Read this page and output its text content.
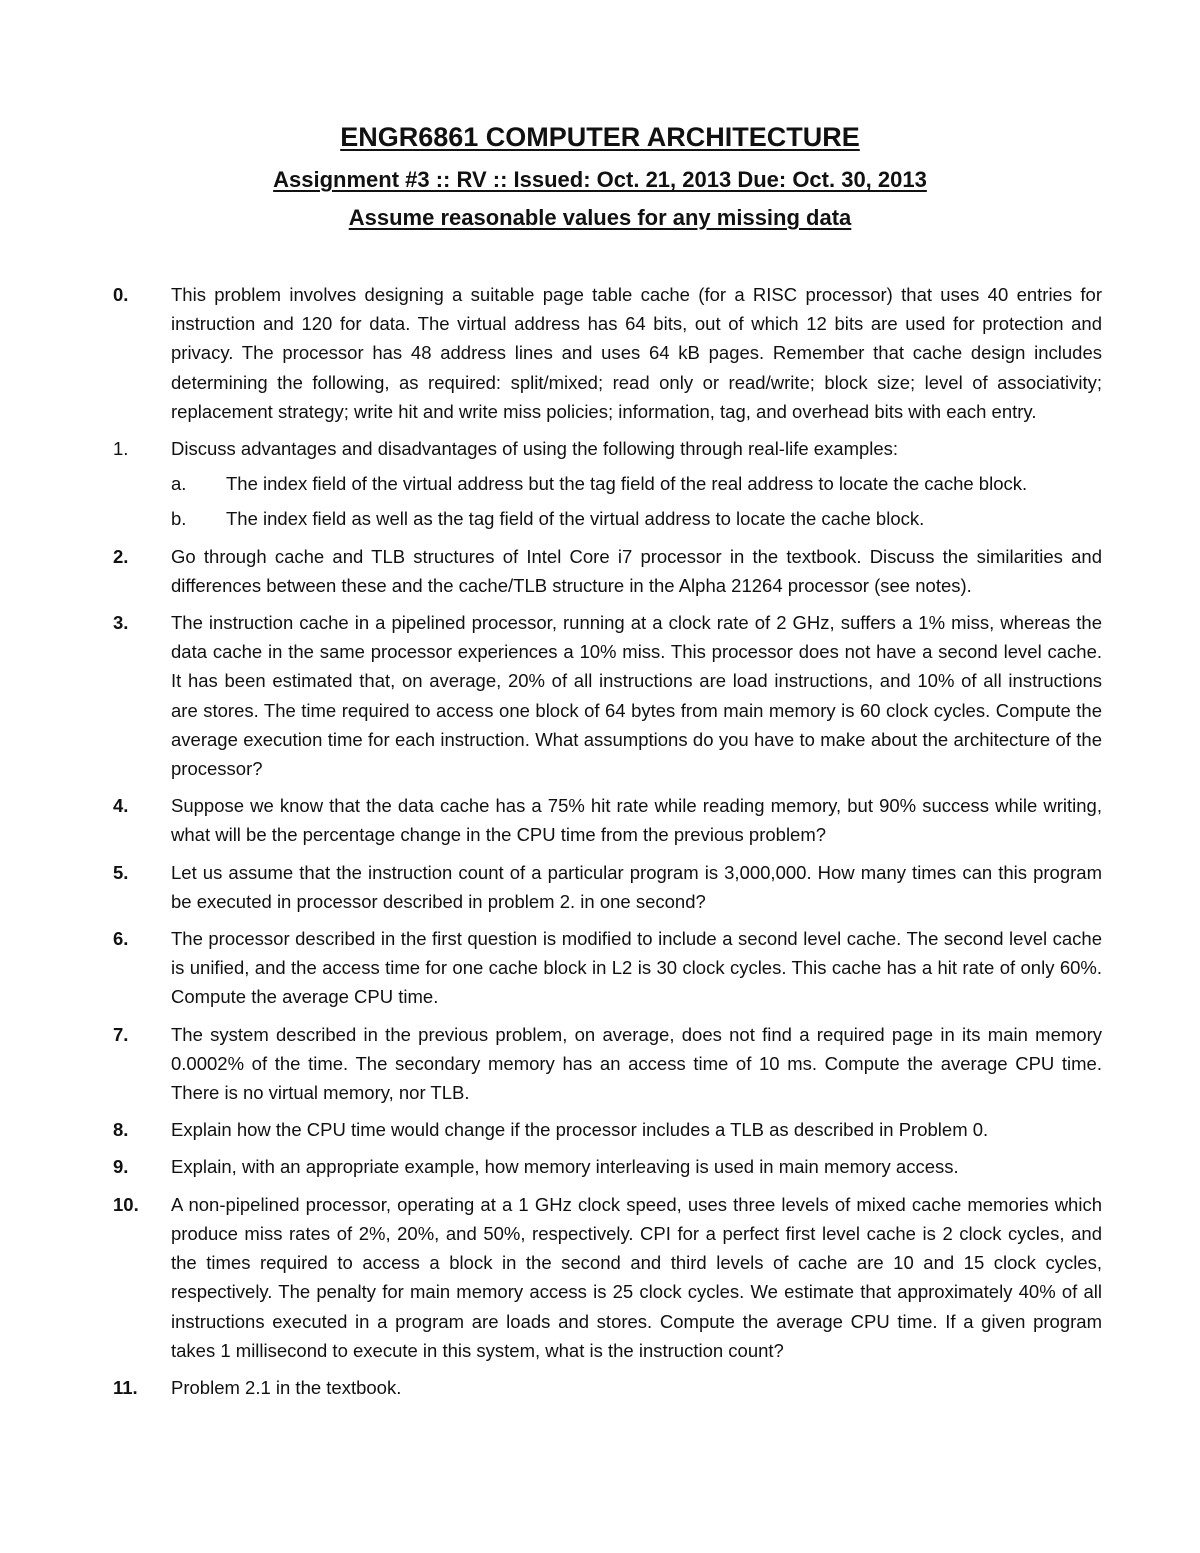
ENGR6861 COMPUTER ARCHITECTURE
Assignment #3 :: RV :: Issued: Oct. 21, 2013 Due: Oct. 30, 2013
Assume reasonable values for any missing data
0. This problem involves designing a suitable page table cache (for a RISC processor) that uses 40 entries for instruction and 120 for data. The virtual address has 64 bits, out of which 12 bits are used for protection and privacy. The processor has 48 address lines and uses 64 kB pages. Remember that cache design includes determining the following, as required: split/mixed; read only or read/write; block size; level of associativity; replacement strategy; write hit and write miss policies; information, tag, and overhead bits with each entry.
1. Discuss advantages and disadvantages of using the following through real-life examples:
a. The index field of the virtual address but the tag field of the real address to locate the cache block.
b. The index field as well as the tag field of the virtual address to locate the cache block.
2. Go through cache and TLB structures of Intel Core i7 processor in the textbook. Discuss the similarities and differences between these and the cache/TLB structure in the Alpha 21264 processor (see notes).
3. The instruction cache in a pipelined processor, running at a clock rate of 2 GHz, suffers a 1% miss, whereas the data cache in the same processor experiences a 10% miss. This processor does not have a second level cache. It has been estimated that, on average, 20% of all instructions are load instructions, and 10% of all instructions are stores. The time required to access one block of 64 bytes from main memory is 60 clock cycles. Compute the average execution time for each instruction. What assumptions do you have to make about the architecture of the processor?
4. Suppose we know that the data cache has a 75% hit rate while reading memory, but 90% success while writing, what will be the percentage change in the CPU time from the previous problem?
5. Let us assume that the instruction count of a particular program is 3,000,000. How many times can this program be executed in processor described in problem 2. in one second?
6. The processor described in the first question is modified to include a second level cache. The second level cache is unified, and the access time for one cache block in L2 is 30 clock cycles. This cache has a hit rate of only 60%. Compute the average CPU time.
7. The system described in the previous problem, on average, does not find a required page in its main memory 0.0002% of the time. The secondary memory has an access time of 10 ms. Compute the average CPU time. There is no virtual memory, nor TLB.
8. Explain how the CPU time would change if the processor includes a TLB as described in Problem 0.
9. Explain, with an appropriate example, how memory interleaving is used in main memory access.
10. A non-pipelined processor, operating at a 1 GHz clock speed, uses three levels of mixed cache memories which produce miss rates of 2%, 20%, and 50%, respectively. CPI for a perfect first level cache is 2 clock cycles, and the times required to access a block in the second and third levels of cache are 10 and 15 clock cycles, respectively. The penalty for main memory access is 25 clock cycles. We estimate that approximately 40% of all instructions executed in a program are loads and stores. Compute the average CPU time. If a given program takes 1 millisecond to execute in this system, what is the instruction count?
11. Problem 2.1 in the textbook.
